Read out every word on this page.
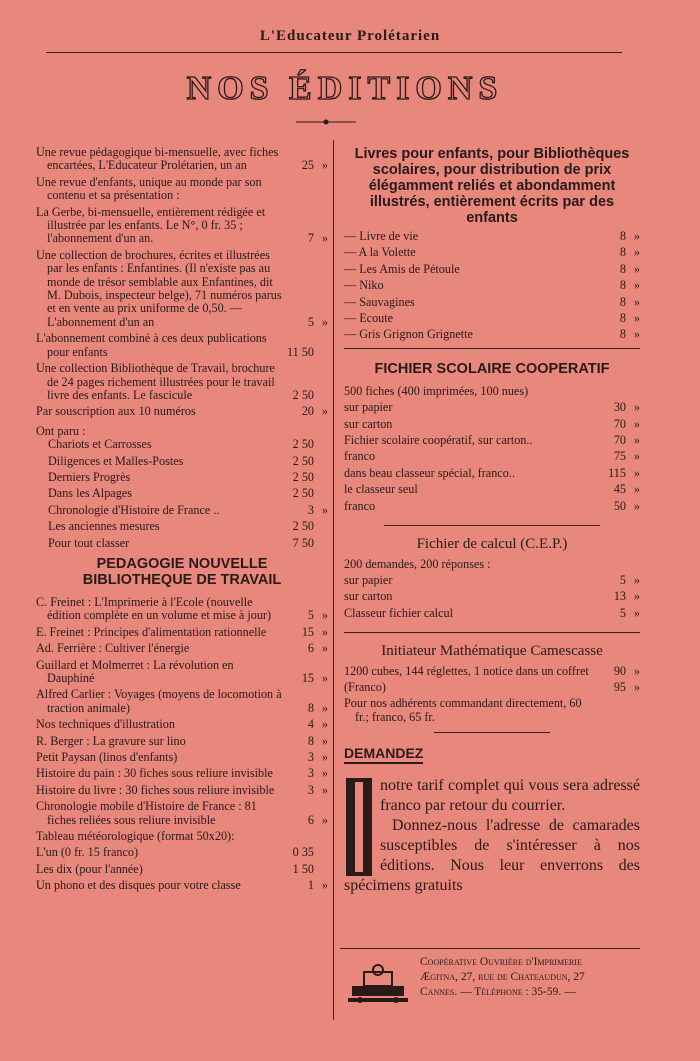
L'Educateur Prolétarien
NOS ÉDITIONS
Une revue pédagogique bi-mensuelle, avec fiches encartées, L'Educateur Prolétarien, un an	25 »
Une revue d'enfants, unique au monde par son contenu et sa présentation :
La Gerbe, bi-mensuelle, entièrement rédigée et illustrée par les enfants. Le N°, 0 fr. 35 ; l'abonnement d'un an.	7 »
Une collection de brochures, écrites et illustrées par les enfants : Enfantines. (Il n'existe pas au monde de trésor semblable aux Enfantines, dit M. Dubois, inspecteur belge), 71 numéros parus et en vente au prix uniforme de 0,50. — L'abonnement d'un an	5 »
L'abonnement combiné à ces deux publications pour enfants	11 50
Une collection Bibliothèque de Travail, brochure de 24 pages richement illustrées pour le travail livre des enfants. Le fascicule	2 50
Par souscription aux 10 numéros	20 »
Ont paru :
Chariots et Carrosses	2 50
Diligences et Malles-Postes	2 50
Derniers Progrès	2 50
Dans les Alpages	2 50
Chronologie d'Histoire de France ..	3 »
Les anciennes mesures	2 50
Pour tout classer	7 50
PEDAGOGIE NOUVELLE BIBLIOTHEQUE DE TRAVAIL
C. Freinet : L'Imprimerie à l'Ecole (nouvelle édition complète en un volume et mise à jour)	5 »
E. Freinet : Principes d'alimentation rationnelle	15 »
Ad. Ferrière : Cultiver l'énergie	6 »
Guillard et Molmerret : La révolution en Dauphiné	15 »
Alfred Carlier : Voyages (moyens de locomotion à traction animale)	8 »
Nos techniques d'illustration	4 »
R. Berger : La gravure sur lino	8 »
Petit Paysan (linos d'enfants)	3 »
Histoire du pain : 30 fiches sous reliure invisible	3 »
Histoire du livre : 30 fiches sous reliure invisible	3 »
Chronologie mobile d'Histoire de France : 81 fiches reliées sous reliure invisible	6 »
Tableau météorologique (format 50x20):
L'un (0 fr. 15 franco)	0 35
Les dix (pour l'année)	1 50
Un phono et des disques pour votre classe	1 »
Livres pour enfants, pour Bibliothèques scolaires, pour distribution de prix élégamment reliés et abondamment illustrés, entièrement écrits par des enfants
— Livre de vie	8 »
— A la Volette	8 »
— Les Amis de Pétoule	8 »
— Niko	8 »
— Sauvagines	8 »
— Ecoute	8 »
— Gris Grignon Grignette	8 »
FICHIER SCOLAIRE COOPERATIF
500 fiches (400 imprimées, 100 nues)
sur papier	30 »
sur carton	70 »
Fichier scolaire coopératif, sur carton..	70 »
franco	75 »
dans beau classeur spécial, franco..	115 »
le classeur seul	45 »
franco	50 »
Fichier de calcul (C.E.P.)
200 demandes, 200 réponses :
sur papier	5 »
sur carton	13 »
Classeur fichier calcul	5 »
Initiateur Mathématique Camescasse
1200 cubes, 144 réglettes, 1 notice dans un coffret	90 »
(Franco)	95 »
Pour nos adhérents commandant directement, 60 fr.; franco, 65 fr.
DEMANDEZ
notre tarif complet qui vous sera adressé franco par retour du courrier.
Donnez-nous l'adresse de camarades susceptibles de s'intéresser à nos éditions. Nous leur enverrons des spécimens gratuits
Coopérative Ouvrière d'Imprimerie
Ægitna, 27, rue de Chateaudun, 27
Cannes. — Téléphone : 35-59. —
